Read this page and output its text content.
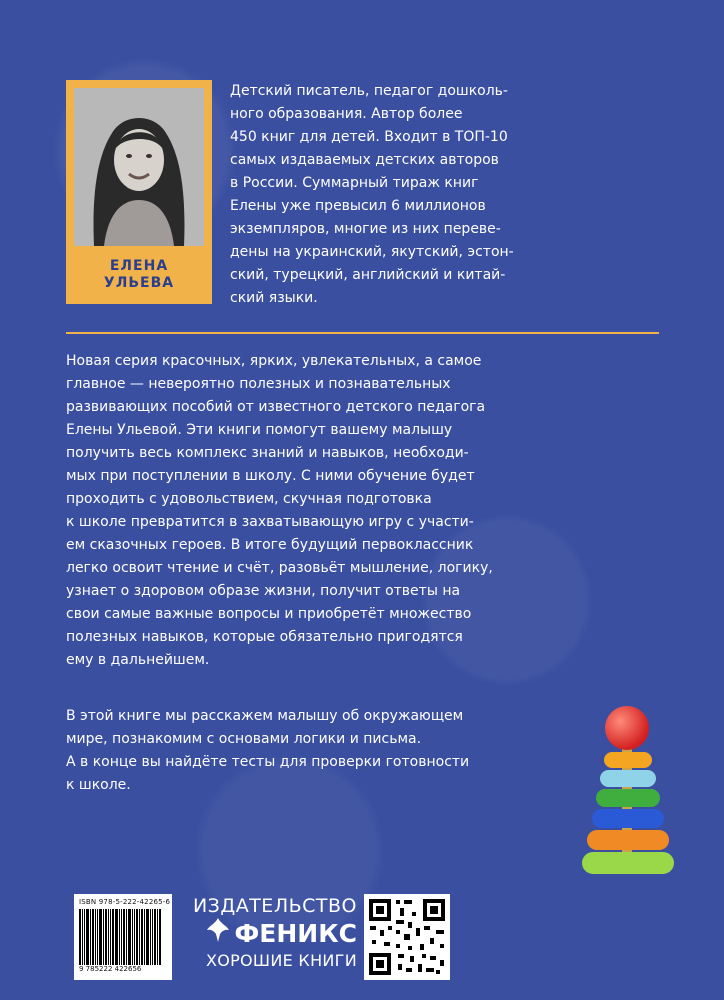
ЕЛЕНА
УЛЬЕВА
Детский писатель, педагог дошколь-
ного образования. Автор более
450 книг для детей. Входит в ТОП-10
самых издаваемых детских авторов
в России. Суммарный тираж книг
Елены уже превысил 6 миллионов
экземпляров, многие из них переве-
дены на украинский, якутский, эстон-
ский, турецкий, английский и китай-
ский языки.
Новая серия красочных, ярких, увлекательных, а самое
главное — невероятно полезных и познавательных
развивающих пособий от известного детского педагога
Елены Ульевой. Эти книги помогут вашему малышу
получить весь комплекс знаний и навыков, необходи-
мых при поступлении в школу. С ними обучение будет
проходить с удовольствием, скучная подготовка
к школе превратится в захватывающую игру с участи-
ем сказочных героев. В итоге будущий первоклассник
легко освоит чтение и счёт, разовьёт мышление, логику,
узнает о здоровом образе жизни, получит ответы на
свои самые важные вопросы и приобретёт множество
полезных навыков, которые обязательно пригодятся
ему в дальнейшем.
В этой книге мы расскажем малышу об окружающем
мире, познакомим с основами логики и письма.
А в конце вы найдёте тесты для проверки готовности
к школе.
ISBN 978-5-222-42265-6
9 785222 422656
ИЗДАТЕЛЬСТВО
ФЕНИКС
ХОРОШИЕ КНИГИ
